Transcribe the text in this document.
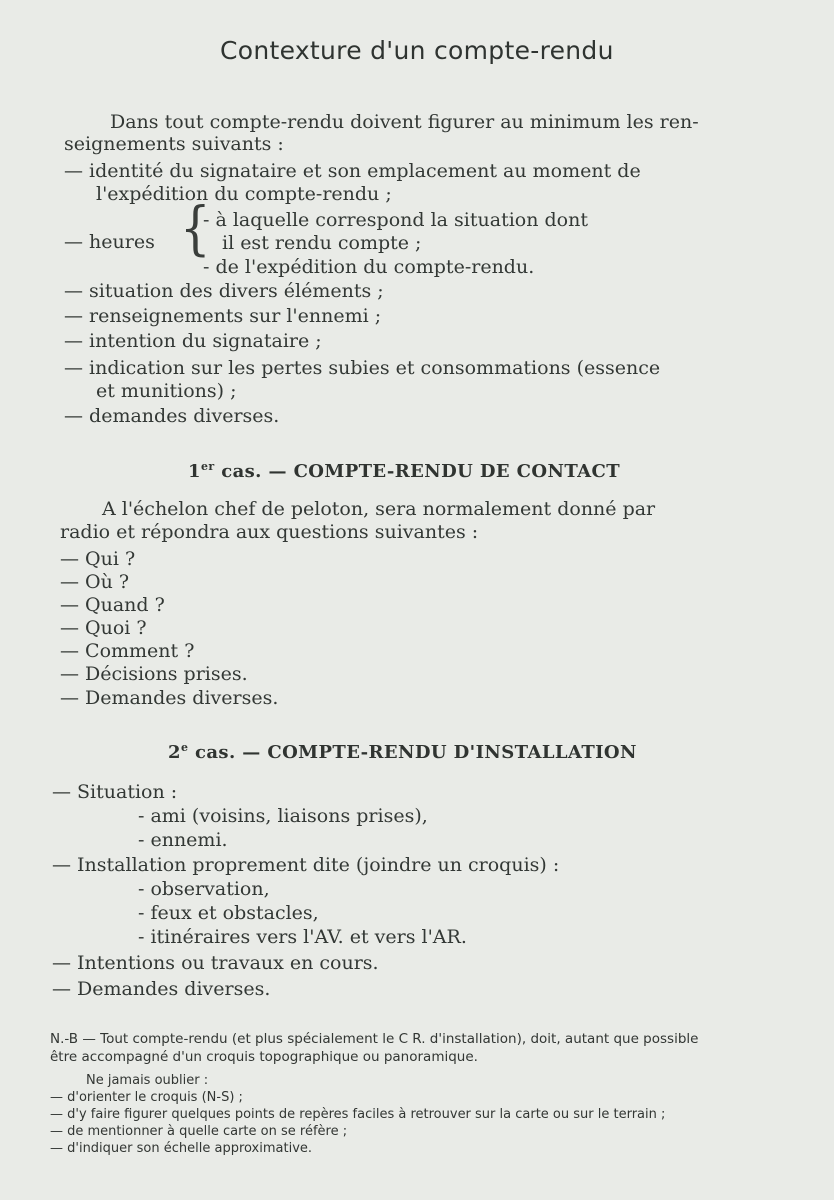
Contexture d'un compte-rendu
Dans tout compte-rendu doivent figurer au minimum les ren-
seignements suivants :
— identité du signataire et son emplacement au moment de
l'expédition du compte-rendu ;
— heures {
- à laquelle correspond la situation dont
il est rendu compte ;
- de l'expédition du compte-rendu.
— situation des divers éléments ;
— renseignements sur l'ennemi ;
— intention du signataire ;
— indication sur les pertes subies et consommations (essence
et munitions) ;
— demandes diverses.
1er cas. — COMPTE-RENDU DE CONTACT
A l'échelon chef de peloton, sera normalement donné par
radio et répondra aux questions suivantes :
— Qui ?
— Où ?
— Quand ?
— Quoi ?
— Comment ?
— Décisions prises.
— Demandes diverses.
2e cas. — COMPTE-RENDU D'INSTALLATION
— Situation :
- ami (voisins, liaisons prises),
- ennemi.
— Installation proprement dite (joindre un croquis) :
- observation,
- feux et obstacles,
- itinéraires vers l'AV. et vers l'AR.
— Intentions ou travaux en cours.
— Demandes diverses.
N.-B — Tout compte-rendu (et plus spécialement le C R. d'installation), doit, autant que possible
être accompagné d'un croquis topographique ou panoramique.
Ne jamais oublier :
— d'orienter le croquis (N-S) ;
— d'y faire figurer quelques points de repères faciles à retrouver sur la carte ou sur le terrain ;
— de mentionner à quelle carte on se réfère ;
— d'indiquer son échelle approximative.
